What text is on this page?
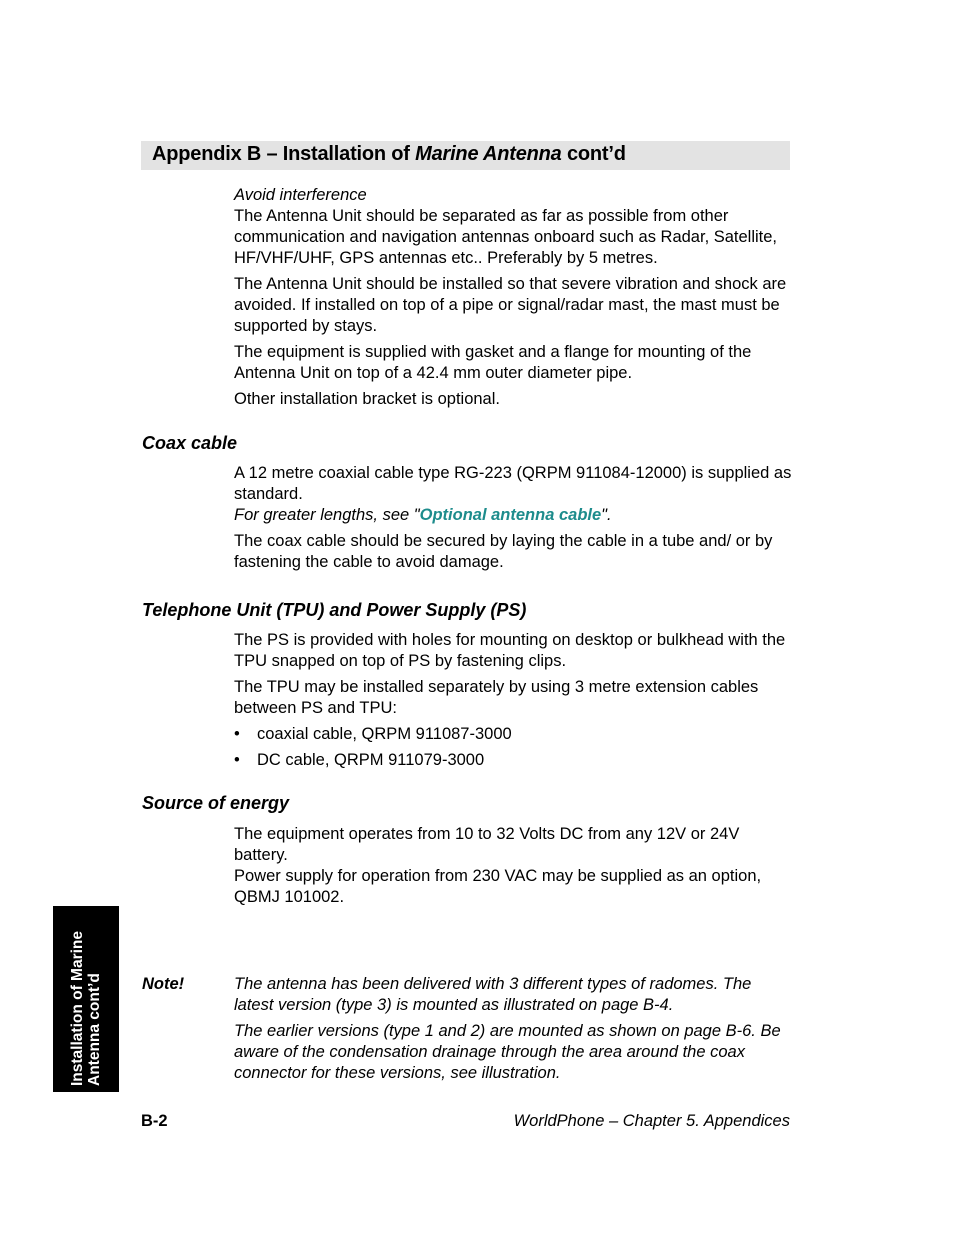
Appendix B – Installation of Marine Antenna cont’d

Avoid interference

The Antenna Unit should be separated as far as possible from other communication and navigation antennas onboard such as Radar, Satellite, HF/VHF/UHF, GPS antennas etc.. Preferably by 5 metres.

The Antenna Unit should be installed so that severe vibration and shock are avoided. If installed on top of a pipe or signal/radar mast, the mast must be supported by stays.

The equipment is supplied with gasket and a flange for mounting of the Antenna Unit on top of a 42.4 mm outer diameter pipe.

Other installation bracket is optional.

Coax cable

A 12 metre coaxial cable type RG-223 (QRPM 911084-12000) is supplied as standard.

For greater lengths, see "Optional antenna cable".

The coax cable should be secured by laying the cable in a tube and/ or by fastening the cable to avoid damage.

Telephone Unit (TPU) and Power Supply (PS)

The PS is provided with holes for mounting on desktop or bulkhead with the TPU snapped on top of PS by fastening clips.

The TPU may be installed separately by using 3 metre extension cables between PS and TPU:

•	coaxial cable, QRPM 911087-3000
•	DC cable, QRPM 911079-3000
Source of energy

The equipment operates from 10 to 32 Volts DC from any 12V or 24V battery.

Power supply for operation from 230 VAC may be supplied as an option, QBMJ 101002.

Note!	The antenna has been delivered with 3 different types of radomes. The latest version (type 3) is mounted as illustrated on page B-4.

The earlier versions (type 1 and 2) are mounted as shown on page B-6. Be aware of the condensation drainage through the area around the coax connector for these versions, see illustration.

Installation of Marine Antenna cont’d
B-2	WorldPhone – Chapter 5. Appendices
